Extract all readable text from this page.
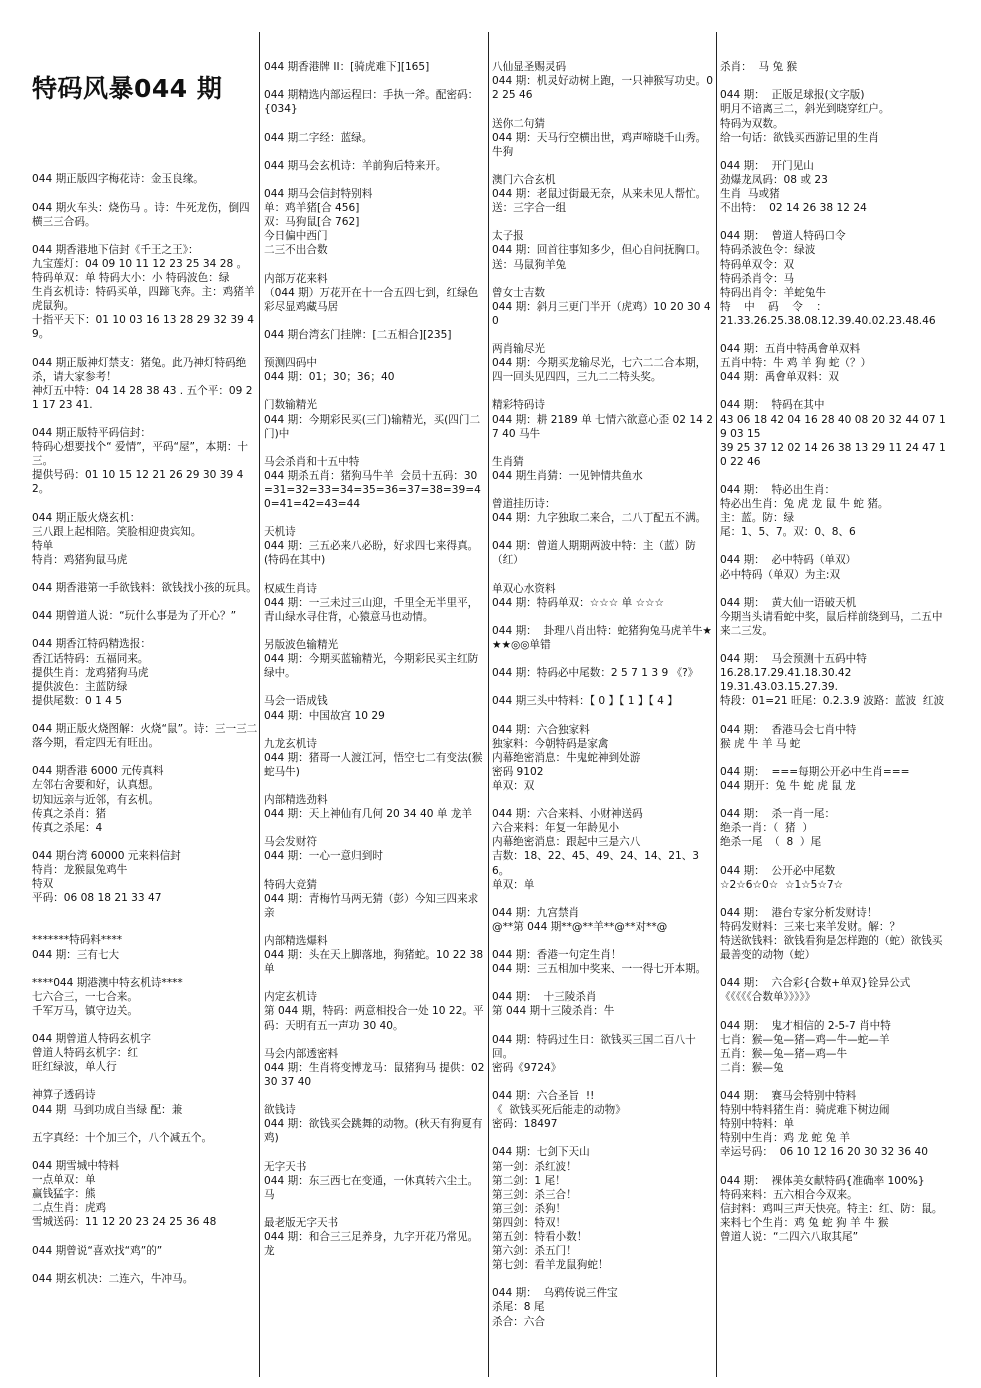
特码风暴044 期

044 期正版四字梅花诗：金玉良缘。

044 期火车头：烧伤马 。诗：牛死龙伤，倒四横三三合码。

044 期香港地下信封《千王之王》：
九宝莲灯：04 09 10 11 12 23 25 34 28 。
特码单双：单 特码大小：小 特码波色：绿
生肖玄机诗：特码买单，四蹄飞奔。主：鸡猪羊虎鼠狗。
十指平天下：01 10 03 16 13 28 29 32 39 49。

044 期正版神灯禁支：猪兔。此乃神灯特码绝杀，请大家参考！
神灯五中特：04 14 28 38 43 . 五个平：09 21 17 23 41.

044 期正版特平码信封：
特码心想要找个“ 爱情”，平码“屋”，本期：十三。
提供号码：01 10 15 12 21 26 29 30 39 42。

044 期正版火烧玄机：
三八跟上起相陪。笑脸相迎贵宾知。
特单
特肖：鸡猪狗鼠马虎

044 期香港第一手欲钱料：欲钱找小孩的玩具。

044 期曾道人说：“玩什么事是为了开心？”

044 期香江特码精选报：
香江话特码：五福同来。
提供生肖：龙鸡猪狗马虎
提供波色：主蓝防绿
提供尾数：0 1 4 5

044 期正版火烧图解：火烧“鼠”。诗：三一三二落今期，看定四无有旺出。

044 期香港 6000 元传真料
左邻右舍要和好，认真想。
切知远亲与近邻，有玄机。
传真之杀肖：猪
传真之杀尾：4

044 期台湾 60000 元来料信封
特肖：龙猴鼠兔鸡牛
特双
平码：06 08 18 21 33 47

*******特码料****
044 期：三有七大

****044 期港澳中特玄机诗****
七六合三，一七合来。
千军万马，镇守边关。

044 期曾道人特码玄机字
曾道人特码玄机字：红
旺红绿波，单人行

神算子透码诗
044 期  马到功成自当绿 配：兼

五字真经：十个加三个，八个减五个。

044 期雪城中特料
一点单双：单
赢钱猛字：熊
二点生肖：虎鸡
雪城送码：11 12 20 23 24 25 36 48

044 期曾说“喜欢找“鸡”的”

044 期玄机决：二连六，牛冲马。

044 期香港牌 II：[骑虎难下][165]

044 期精选内部运程曰：手执一斧。配密码：{034}

044 期二字经：蓝绿。

044 期马会玄机诗：羊前狗后特来开。

044 期马会信封特别料
单：鸡羊猪[合 456]
双：马狗鼠[合 762]
今日偏中西门
二三不出合数

内部万花来料
（044 期）万花开在十一合五四七到，红绿色彩尽显鸡藏马居

044 期台湾玄门挂牌：[二五相合][235]

预测四码中
044 期：01；30；36；40

门数输精光
044 期：今期彩民买(三门)输精光，买(四门二门)中

马会杀肖和十五中特
044 期杀五肖：猪狗马牛羊  会员十五码：30=31=32=33=34=35=36=37=38=39=40=41=42=43=44

天机诗
044 期：三五必来八必盼，好求四七来得真。(特码在其中)

权威生肖诗
044 期：一三未过三山迎，千里全无半里平，青山绿水寻住背，心猿意马也动情。

另版波色输精光
044 期：今期买蓝输精光，今期彩民买主红防绿中。

马会一语成钱
044 期：中国故宫 10 29

九龙玄机诗
044 期：猪哥一人渡江河，悟空七二有变法(猴蛇马牛)

内部精选劲料
044 期：天上神仙有几何 20 34 40 单 龙羊

马会发财符
044 期：一心一意归到时

特码大竞猜
044 期：青梅竹马两无猜（彭）今知三四来求亲

内部精选爆料
044 期：头在天上脚落地，狗猪蛇。10 22 38 单

内定玄机诗
第 044 期，特码：两意相投合一处 10 22。平码：天明有五一声功 30 40。

马会内部透密料
044 期：生肖将变博龙马：鼠猪狗马 提供：02 30 37 40

欲钱诗
044 期：欲钱买会跳舞的动物。(秋天有狗夏有鸡)

无字天书
044 期：东三西七在变通，一休真转六尘土。马

最老版无字天书
044 期：和合三三足养身，九字开花乃常见。龙

八仙显圣赐灵码
044 期：机灵好动树上跑，一只神猴写功史。02 25 46

送你二句猜
044 期：天马行空横出世，鸡声啼晓千山秀。牛狗

澳门六合玄机
044 期：老鼠过街最无奈，从来未见人帮忙。送：三字合一组

太子报
044 期：回首往事知多少，但心自问抚胸口。送：马鼠狗羊兔

曾女士吉数
044 期：斜月三更门半开（虎鸡）10 20 30 40

两肖输尽光
044 期：今期买龙输尽光，七六二二合本期，四一回头见四四，三九二二特头奖。

精彩特码诗
044 期：耕 2189 单 七情六欲意心歪 02 14 27 40 马牛

生肖猜
044 期生肖猜：一见钟情共鱼水

曾道挂历诗：
044 期：九字独取二来合，二八丁配五不满。

044 期：曾道人期期两波中特：主（蓝）防（红）

单双心水资料
044 期：特码单双：☆☆☆ 单 ☆☆☆

044 期：  卦理八肖出特：蛇猪狗兔马虎羊牛★★★◎◎单错

044 期：特码必中尾数：2 5 7 1 3 9 《?》

044 期三头中特料：【 0 】【 1 】【 4 】

044 期：六合独家料
独家料：今朝特码是家禽
内幕绝密消息：牛鬼蛇神到处游
密码 9102
单双：双

044 期：六合来料、小财神送码
六合来料：年复一年龄见小
内幕绝密消息：跟起中三是六八
吉数：18、22、45、49、24、14、21、36。
单双：单

044 期：九宫禁肖
@**第 044 期**@**羊**@**对**@

044 期：香港一句定生肖！
044 期：三五相加中奖来、一一得七开本期。

044 期：  十三陵杀肖
第 044 期十三陵杀肖：牛

044 期：特码过生日：欲钱买三国二百八十回。
密码《9724》

044 期：六合圣旨  !!
《  欲钱买死后能走的动物》
密码：18497

044 期：七剑下天山
第一剑：杀红波！
第二剑：1 尾！
第三剑：杀三合！
第三剑：杀狗！
第四剑：特双！
第五剑：特看小数！
第六剑：杀五门！
第七剑：看羊龙鼠狗蛇！

044 期：  乌鸦传说三件宝
杀尾：8 尾
杀合：六合

杀肖：  马 兔 猴

044 期：  正版足球报(文字版)
明月不谙离三二，斜光到晓穿红户。
特码为双数。
给一句话：欲钱买西游记里的生肖

044 期：  开门见山
劲爆龙凤码：08 或 23
生肖  马或猪
不出特：  02 14 26 38 12 24

044 期：  曾道人特码口令
特码杀波色令：绿波
特码单双令：双
特码杀肖令：马
特码出肖令：羊蛇兔牛
特    中    码    令    ：
21.33.26.25.38.08.12.39.40.02.23.48.46

044 期：五肖中特禹會单双料
五肖中特：牛 鸡 羊 狗 蛇（？）
044 期：禹會单双料：双

044 期：  特码在其中
43 06 18 42 04 16 28 40 08 20 32 44 07 19 03 15
39 25 37 12 02 14 26 38 13 29 11 24 47 10 22 46

044 期：  特必出生肖：
特必出生肖：兔 虎 龙 鼠 牛 蛇 猪。
主：蓝。防：绿
尾：1、5、7。双：0、8、6

044 期：  必中特码（单双）
必中特码（单双）为主:双

044 期：  黄大仙一语破天机
今期当头请看蛇中奖，鼠后样前绕到马，二五中来二三发。

044 期：  马会预测十五码中特
16.28.17.29.41.18.30.42
19.31.43.03.15.27.39.
特段：01=21 旺尾：0.2.3.9 波路：蓝波  红波

044 期：  香港马会七肖中特
猴 虎 牛 羊 马 蛇

044 期：  ===每期公开必中生肖===
044 期开：兔 牛 蛇 虎 鼠 龙

044 期：  杀一肖一尾：
绝杀一肖：（  猪  ）
绝杀一尾  （  8  ）尾

044 期：  公开必中尾数
☆2☆6☆0☆  ☆1☆5☆7☆

044 期：  港台专家分析发财诗！
特码发财料：三来七来羊发财。解：？
特送欲钱料：欲钱看狗是怎样跑的（蛇）欲钱买最善变的动物（蛇）

044 期：  六合彩{合数+单双}铨异公式
《《《《《合数单》》》》》

044 期：  鬼才相信的 2-5-7 肖中特
七肖：猴—兔—猪—鸡—牛—蛇—羊
五肖：猴—兔—猪—鸡—牛
二肖：猴—兔

044 期：  赛马会特别中特料
特别中特料猪生肖：骑虎难下树边闹
特别中特料：单
特别中生肖：鸡 龙 蛇 兔 羊
幸运号码：  06 10 12 16 20 30 32 36 40

044 期：  裸体美女献特码{准确率 100%}
特码来料：五六相合今双来。
信封料：鸡叫三声天快亮。特主：红、防：鼠。
来料七个生肖：鸡 兔 蛇 狗 羊 牛 猴
曾道人说：“二四六八取其尾”
